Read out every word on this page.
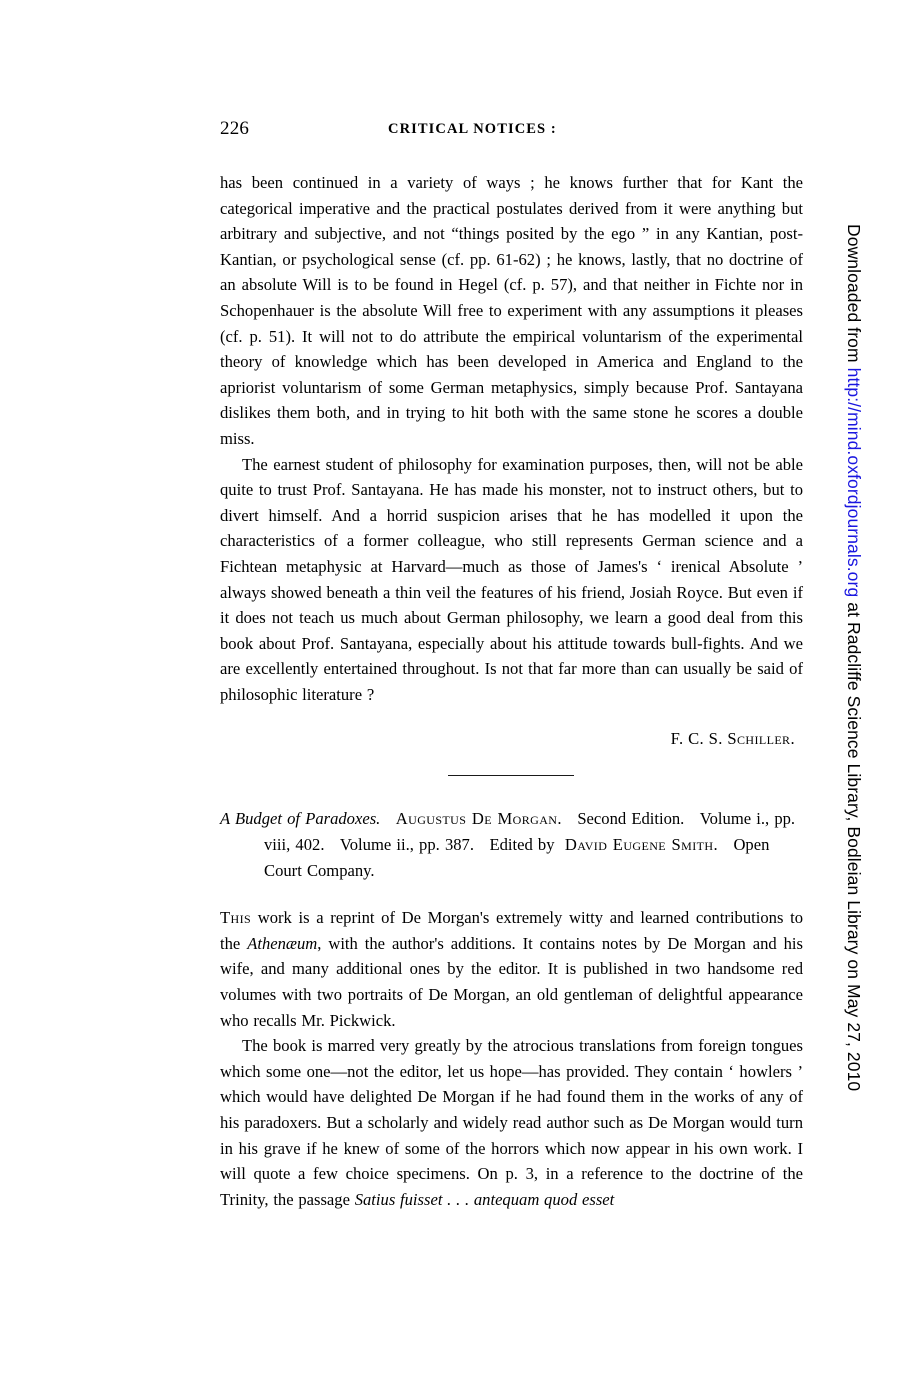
226	CRITICAL NOTICES :

has been continued in a variety of ways ; he knows further that for Kant the categorical imperative and the practical postulates derived from it were anything but arbitrary and subjective, and not “things posited by the ego ” in any Kantian, post-Kantian, or psychological sense (cf. pp. 61-62) ; he knows, lastly, that no doctrine of an absolute Will is to be found in Hegel (cf. p. 57), and that neither in Fichte nor in Schopenhauer is the absolute Will free to experiment with any assumptions it pleases (cf. p. 51). It will not to do attribute the empirical voluntarism of the experimental theory of knowledge which has been developed in America and England to the apriorist voluntarism of some German metaphysics, simply because Prof. Santayana dislikes them both, and in trying to hit both with the same stone he scores a double miss.

The earnest student of philosophy for examination purposes, then, will not be able quite to trust Prof. Santayana. He has made his monster, not to instruct others, but to divert himself. And a horrid suspicion arises that he has modelled it upon the characteristics of a former colleague, who still represents German science and a Fichtean metaphysic at Harvard—much as those of James's ‘ irenical Absolute ’ always showed beneath a thin veil the features of his friend, Josiah Royce. But even if it does not teach us much about German philosophy, we learn a good deal from this book about Prof. Santayana, especially about his attitude towards bull-fights. And we are excellently entertained throughout. Is not that far more than can usually be said of philosophic literature ?

F. C. S. Schiller.
A Budget of Paradoxes. Augustus De Morgan. Second Edition. Volume i., pp. viii, 402. Volume ii., pp. 387. Edited by David Eugene Smith. Open Court Company.

This work is a reprint of De Morgan's extremely witty and learned contributions to the Athenæum, with the author's additions. It contains notes by De Morgan and his wife, and many additional ones by the editor. It is published in two handsome red volumes with two portraits of De Morgan, an old gentleman of delightful appearance who recalls Mr. Pickwick.

The book is marred very greatly by the atrocious translations from foreign tongues which some one—not the editor, let us hope—has provided. They contain ‘ howlers ’ which would have delighted De Morgan if he had found them in the works of any of his paradoxers. But a scholarly and widely read author such as De Morgan would turn in his grave if he knew of some of the horrors which now appear in his own work. I will quote a few choice specimens. On p. 3, in a reference to the doctrine of the Trinity, the passage Satius fuisset . . . antequam quod esset

Downloaded from http://mind.oxfordjournals.org at Radcliffe Science Library, Bodleian Library on May 27, 2010
